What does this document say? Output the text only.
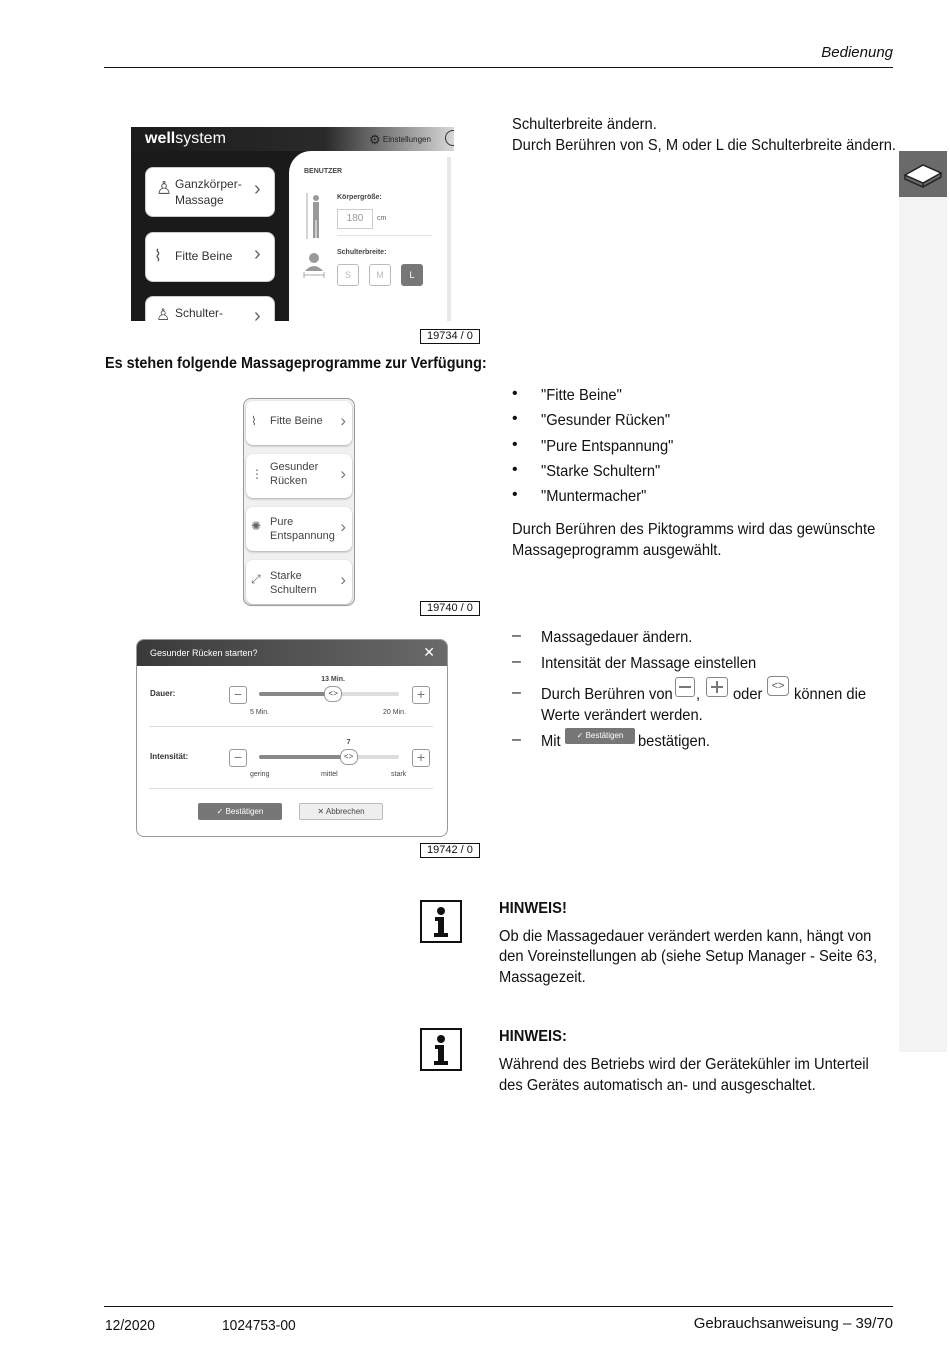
Bedienung
wellsystem	⚙ Einstellungen
♙ Ganzkörper-
Massage ›
⌇ Fitte Beine ›
♙ Schulter- ›
BENUTZER
Körpergröße:
180	cm
Schulterbreite:
S	M	L
19734 / 0
Schulterbreite ändern.
Durch Berühren von S, M oder L die Schulterbreite ändern.
Es stehen folgende Massageprogramme zur Verfügung:
⌇ Fitte Beine ›
⋮ Gesunder
Rücken ›
✺ Pure
Entspannung ›
⤢ Starke
Schultern
›
19740 / 0
• "Fitte Beine"
• "Gesunder Rücken"
• "Pure Entspannung"
• "Starke Schultern"
• "Muntermacher"
Durch Berühren des Piktogramms wird das gewünschte
Massageprogramm ausgewählt.
Gesunder Rücken starten?	✕
Dauer:	−	<>
13 Min.
+
5 Min.	20 Min.
Intensität:	−	<>
7
+
gering	mittel	stark
✓ Bestätigen	✕ Abbrechen
19742 / 0
– Massagedauer ändern.
– Intensität der Massage einstellen
– Durch Berühren von , oder <> können die
Werte verändert werden.
– Mit	✓ Bestätigen bestätigen.
HINWEIS!
Ob die Massagedauer verändert werden kann, hängt von
den Voreinstellungen ab (siehe Setup Manager - Seite 63,
Massagezeit.
HINWEIS:
Während des Betriebs wird der Gerätekühler im Unterteil
des Gerätes automatisch an- und ausgeschaltet.
12/2020	1024753-00	Gebrauchsanweisung – 39/70
